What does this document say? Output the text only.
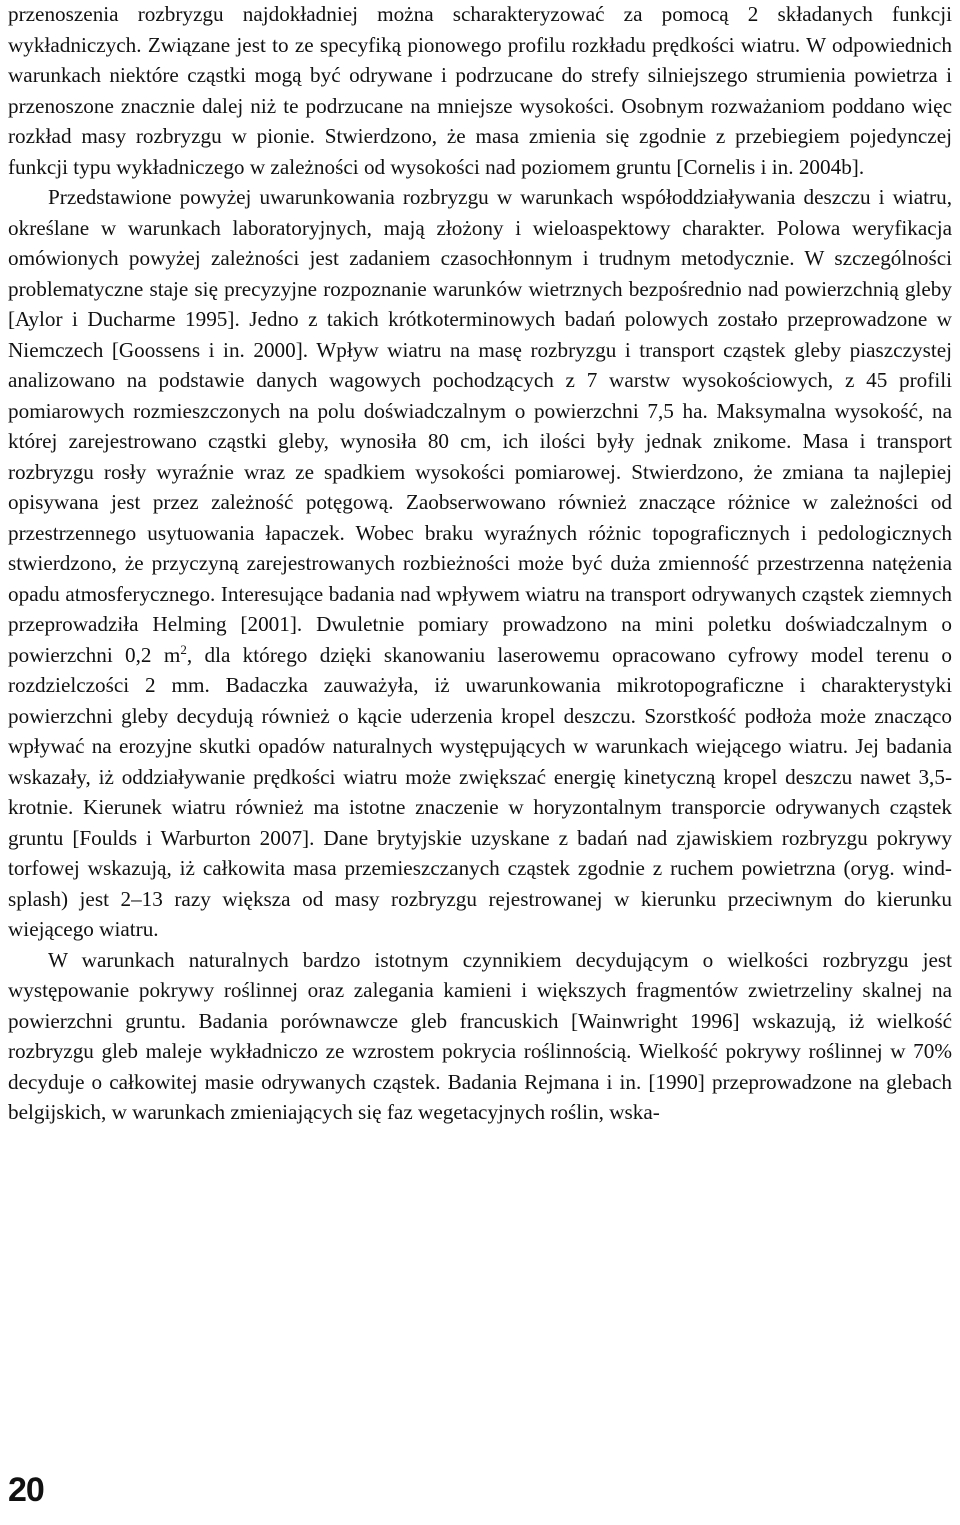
przenoszenia rozbryzgu najdokładniej można scharakteryzować za pomocą 2 składanych funkcji wykładniczych. Związane jest to ze specyfiką pionowego profilu rozkładu prędkości wiatru. W odpowiednich warunkach niektóre cząstki mogą być odrywane i podrzucane do strefy silniejszego strumienia powietrza i przenoszone znacznie dalej niż te podrzucane na mniejsze wysokości. Osobnym rozważaniom poddano więc rozkład masy rozbryzgu w pionie. Stwierdzono, że masa zmienia się zgodnie z przebiegiem pojedynczej funkcji typu wykładniczego w zależności od wysokości nad poziomem gruntu [Cornelis i in. 2004b].

Przedstawione powyżej uwarunkowania rozbryzgu w warunkach współoddziaływania deszczu i wiatru, określane w warunkach laboratoryjnych, mają złożony i wieloaspektowy charakter. Polowa weryfikacja omówionych powyżej zależności jest zadaniem czasochłonnym i trudnym metodycznie. W szczególności problematyczne staje się precyzyjne rozpoznanie warunków wietrznych bezpośrednio nad powierzchnią gleby [Aylor i Ducharme 1995]. Jedno z takich krótkoterminowych badań polowych zostało przeprowadzone w Niemczech [Goossens i in. 2000]. Wpływ wiatru na masę rozbryzgu i transport cząstek gleby piaszczystej analizowano na podstawie danych wagowych pochodzących z 7 warstw wysokościowych, z 45 profili pomiarowych rozmieszczonych na polu doświadczalnym o powierzchni 7,5 ha. Maksymalna wysokość, na której zarejestrowano cząstki gleby, wynosiła 80 cm, ich ilości były jednak znikome. Masa i transport rozbryzgu rosły wyraźnie wraz ze spadkiem wysokości pomiarowej. Stwierdzono, że zmiana ta najlepiej opisywana jest przez zależność potęgową. Zaobserwowano również znaczące różnice w zależności od przestrzennego usytuowania łapaczek. Wobec braku wyraźnych różnic topograficznych i pedologicznych stwierdzono, że przyczyną zarejestrowanych rozbieżności może być duża zmienność przestrzenna natężenia opadu atmosferycznego. Interesujące badania nad wpływem wiatru na transport odrywanych cząstek ziemnych przeprowadziła Helming [2001]. Dwuletnie pomiary prowadzono na mini poletku doświadczalnym o powierzchni 0,2 $m^2$, dla którego dzięki skanowaniu laserowemu opracowano cyfrowy model terenu o rozdzielczości 2 mm. Badaczka zauważyła, iż uwarunkowania mikrotopograficzne i charakterystyki powierzchni gleby decydują również o kącie uderzenia kropel deszczu. Szorstkość podłoża może znacząco wpływać na erozyjne skutki opadów naturalnych występujących w warunkach wiejącego wiatru. Jej badania wskazały, iż oddziaływanie prędkości wiatru może zwiększać energię kinetyczną kropel deszczu nawet 3,5-krotnie. Kierunek wiatru również ma istotne znaczenie w horyzontalnym transporcie odrywanych cząstek gruntu [Foulds i Warburton 2007]. Dane brytyjskie uzyskane z badań nad zjawiskiem rozbryzgu pokrywy torfowej wskazują, iż całkowita masa przemieszczanych cząstek zgodnie z ruchem powietrzna (oryg. wind-splash) jest 2–13 razy większa od masy rozbryzgu rejestrowanej w kierunku przeciwnym do kierunku wiejącego wiatru.

W warunkach naturalnych bardzo istotnym czynnikiem decydującym o wielkości rozbryzgu jest występowanie pokrywy roślinnej oraz zalegania kamieni i większych fragmentów zwietrzeliny skalnej na powierzchni gruntu. Badania porównawcze gleb francuskich [Wainwright 1996] wskazują, iż wielkość rozbryzgu gleb maleje wykładniczo ze wzrostem pokrycia roślinnością. Wielkość pokrywy roślinnej w 70% decyduje o całkowitej masie odrywanych cząstek. Badania Rejmana i in. [1990] przeprowadzone na glebach belgijskich, w warunkach zmieniających się faz wegetacyjnych roślin, wska-

20
